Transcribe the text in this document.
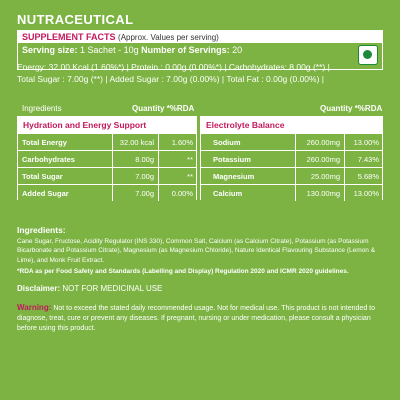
NUTRACEUTICAL
SUPPLEMENT FACTS (Approx. Values per serving)
Serving size: 1 Sachet - 10g Number of Servings: 20
Energy: 32.00 Kcal (1.60%*) | Protein : 0.00g (0.00%*) | Carbohydrates: 8.00g (**) |
Total Sugar : 7.00g (**) | Added Sugar : 7.00g (0.00%) | Total Fat : 0.00g (0.00%) |
Ingredients	Quantity *%RDA	Quantity *%RDA
Hydration and Energy Support
Total Energy	32.00 kcal	1.60%
Carbohydrates	8.00g	**
Total Sugar	7.00g	**
Added Sugar	7.00g	0.00%
Electrolyte Balance
Sodium	260.00mg	13.00%
Potassium	260.00mg	7.43%
Magnesium	25.00mg	5.68%
Calcium	130.00mg	13.00%
Ingredients:
Cane Sugar, Fructose, Acidity Regulator (INS 330), Common Salt, Calcium (as Calcium Citrate), Potassium (as Potassium Bicarbonate and Potassium Citrate), Magnesium (as Magnesium Chloride), Nature Identical Flavouring Substance (Lemon & Lime), and Monk Fruit Extract.
*RDA as per Food Safety and Standards (Labelling and Display) Regulation 2020 and ICMR 2020 guidelines.
Disclaimer: NOT FOR MEDICINAL USE
Warning: Not to exceed the stated daily recommended usage. Not for medical use. This product is not intended to diagnose, treat, cure or prevent any diseases. If pregnant, nursing or under medication, please consult a physician before using this product.
